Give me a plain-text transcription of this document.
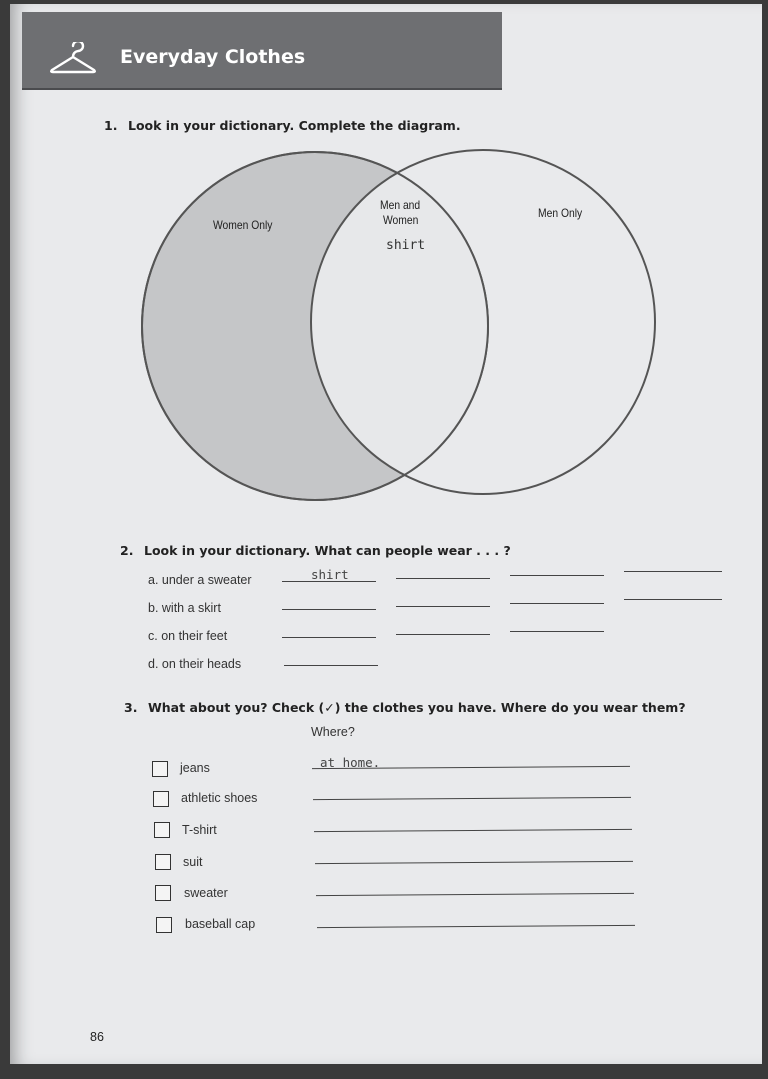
Everyday Clothes
1. Look in your dictionary. Complete the diagram.
Women Only
Men and
Women
shirt
Men Only
2. Look in your dictionary. What can people wear . . . ?
a. under a sweater	shirt
b. with a skirt
c. on their feet
d. on their heads
3. What about you? Check (✓) the clothes you have. Where do you wear them?
Where?
jeans	at home.
athletic shoes
T-shirt
suit
sweater
baseball cap
86
